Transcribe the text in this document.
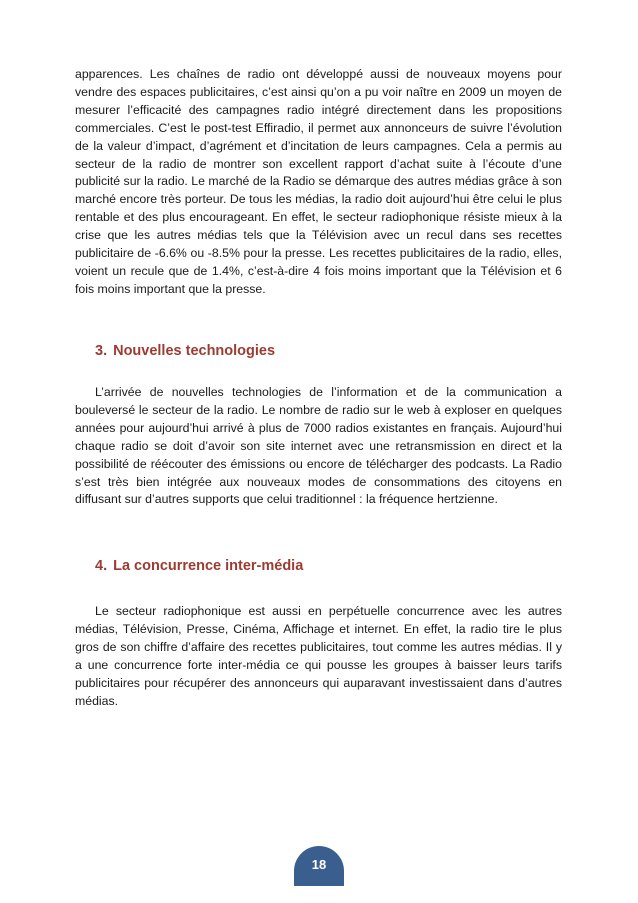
apparences. Les chaînes de radio ont développé aussi de nouveaux moyens pour vendre des espaces publicitaires, c’est ainsi qu’on a pu voir naître en 2009 un moyen de mesurer l’efficacité des campagnes radio intégré directement dans les propositions commerciales. C’est le post-test Effiradio, il permet aux annonceurs de suivre l’évolution de la valeur d’impact, d’agrément et d’incitation de leurs campagnes. Cela a permis au secteur de la radio de montrer son excellent rapport d’achat suite à l’écoute d’une publicité sur la radio. Le marché de la Radio se démarque des autres médias grâce à son marché encore très porteur. De tous les médias, la radio doit aujourd’hui être celui le plus rentable et des plus encourageant. En effet, le secteur radiophonique résiste mieux à la crise que les autres médias tels que la Télévision avec un recul dans ses recettes publicitaire de -6.6% ou -8.5% pour la presse. Les recettes publicitaires de la radio, elles, voient un recule que de 1.4%, c’est-à-dire 4 fois moins important que la Télévision et 6 fois moins important que la presse.

3. Nouvelles technologies

L’arrivée de nouvelles technologies de l’information et de la communication a bouleversé le secteur de la radio. Le nombre de radio sur le web à exploser en quelques années pour aujourd’hui arrivé à plus de 7000 radios existantes en français. Aujourd’hui chaque radio se doit d’avoir son site internet avec une retransmission en direct et la possibilité de réécouter des émissions ou encore de télécharger des podcasts. La Radio s’est très bien intégrée aux nouveaux modes de consommations des citoyens en diffusant sur d’autres supports que celui traditionnel : la fréquence hertzienne.

4. La concurrence inter-média

Le secteur radiophonique est aussi en perpétuelle concurrence avec les autres médias, Télévision, Presse, Cinéma, Affichage et internet. En effet, la radio tire le plus gros de son chiffre d’affaire des recettes publicitaires, tout comme les autres médias. Il y a une concurrence forte inter-média ce qui pousse les groupes à baisser leurs tarifs publicitaires pour récupérer des annonceurs qui auparavant investissaient dans d’autres médias.

18
